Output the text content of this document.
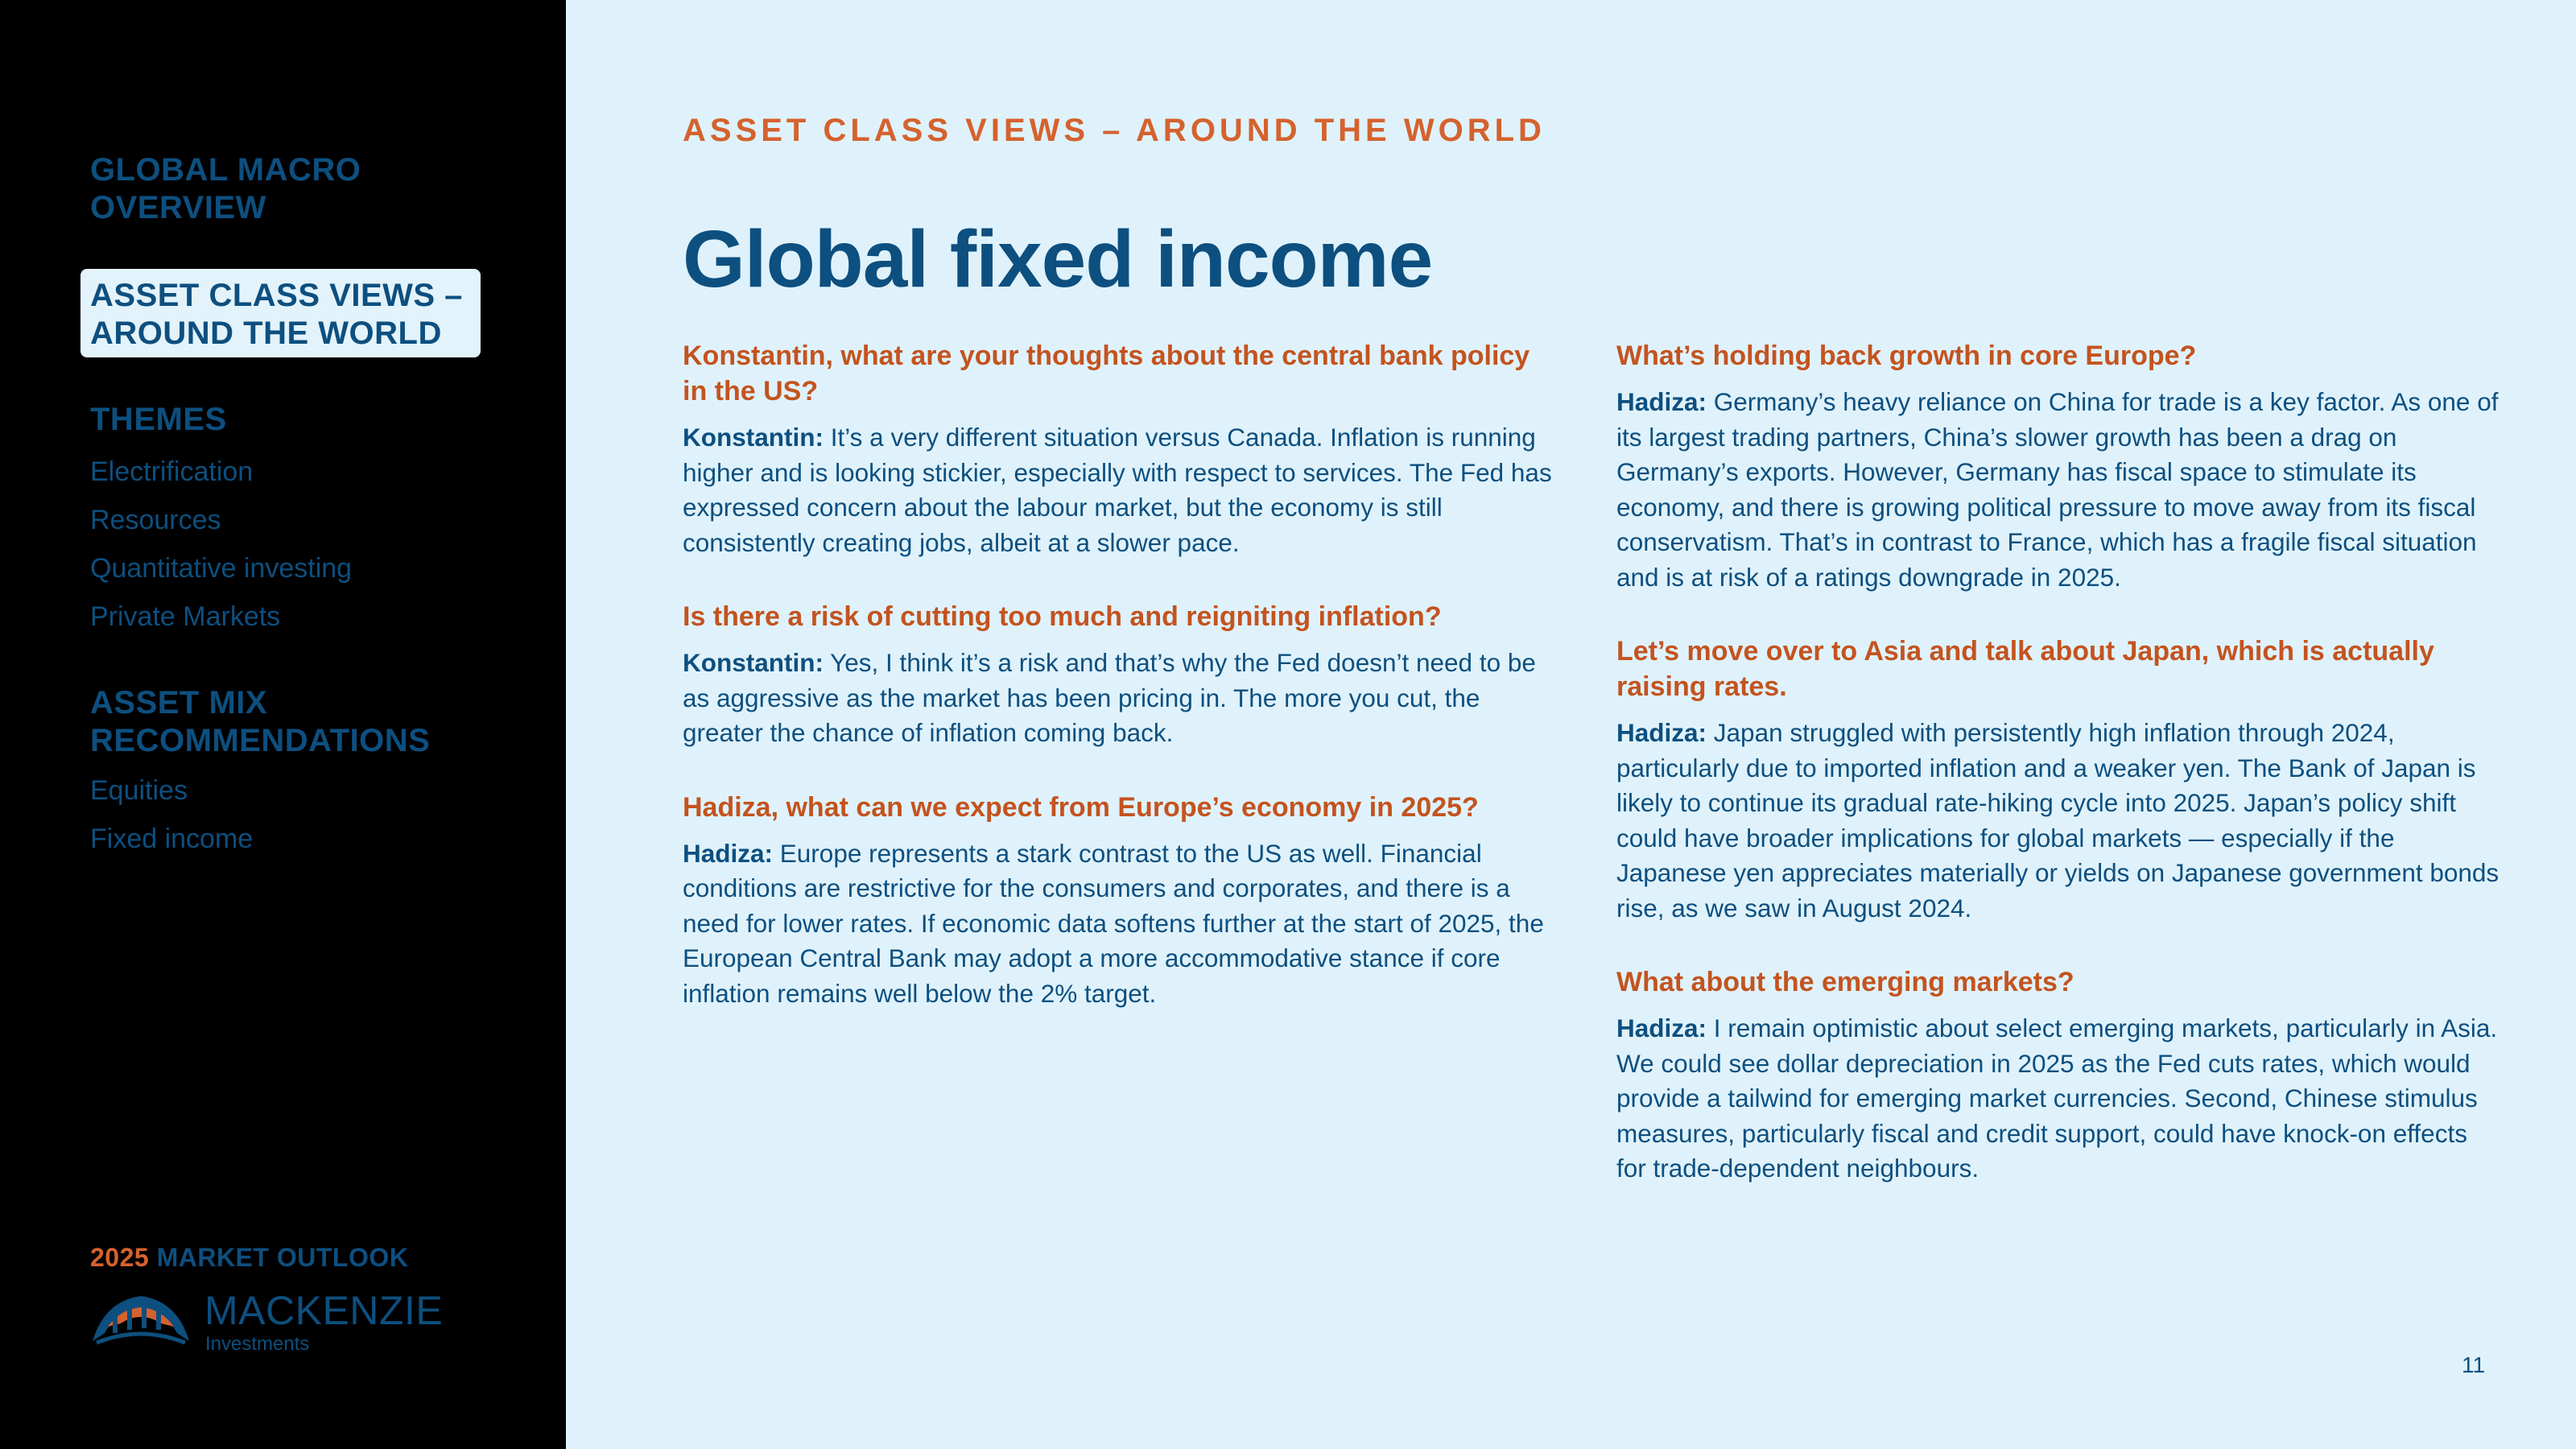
GLOBAL MACRO
OVERVIEW

ASSET CLASS VIEWS –
AROUND THE WORLD

THEMES

Electrification

Resources

Quantitative investing

Private Markets

ASSET MIX
RECOMMENDATIONS

Equities

Fixed income

2025 MARKET OUTLOOK

MACKENZIE

Investments

ASSET CLASS VIEWS – AROUND THE WORLD

Global fixed income

Konstantin, what are your thoughts about the central bank policy in the US?

Konstantin: It’s a very different situation versus Canada. Inflation is running higher and is looking stickier, especially with respect to services. The Fed has expressed concern about the labour market, but the economy is still consistently creating jobs, albeit at a slower pace.

Is there a risk of cutting too much and reigniting inflation?

Konstantin: Yes, I think it’s a risk and that’s why the Fed doesn’t need to be as aggressive as the market has been pricing in. The more you cut, the greater the chance of inflation coming back.

Hadiza, what can we expect from Europe’s economy in 2025?

Hadiza: Europe represents a stark contrast to the US as well. Financial conditions are restrictive for the consumers and corporates, and there is a need for lower rates. If economic data softens further at the start of 2025, the European Central Bank may adopt a more accommodative stance if core inflation remains well below the 2% target.

What’s holding back growth in core Europe?

Hadiza: Germany’s heavy reliance on China for trade is a key factor. As one of its largest trading partners, China’s slower growth has been a drag on Germany’s exports. However, Germany has fiscal space to stimulate its economy, and there is growing political pressure to move away from its fiscal conservatism. That’s in contrast to France, which has a fragile fiscal situation and is at risk of a ratings downgrade in 2025.

Let’s move over to Asia and talk about Japan, which is actually raising rates.

Hadiza: Japan struggled with persistently high inflation through 2024, particularly due to imported inflation and a weaker yen. The Bank of Japan is likely to continue its gradual rate-hiking cycle into 2025. Japan’s policy shift could have broader implications for global markets — especially if the Japanese yen appreciates materially or yields on Japanese government bonds rise, as we saw in August 2024.

What about the emerging markets?

Hadiza: I remain optimistic about select emerging markets, particularly in Asia. We could see dollar depreciation in 2025 as the Fed cuts rates, which would provide a tailwind for emerging market currencies. Second, Chinese stimulus measures, particularly fiscal and credit support, could have knock-on effects for trade-dependent neighbours.

11
